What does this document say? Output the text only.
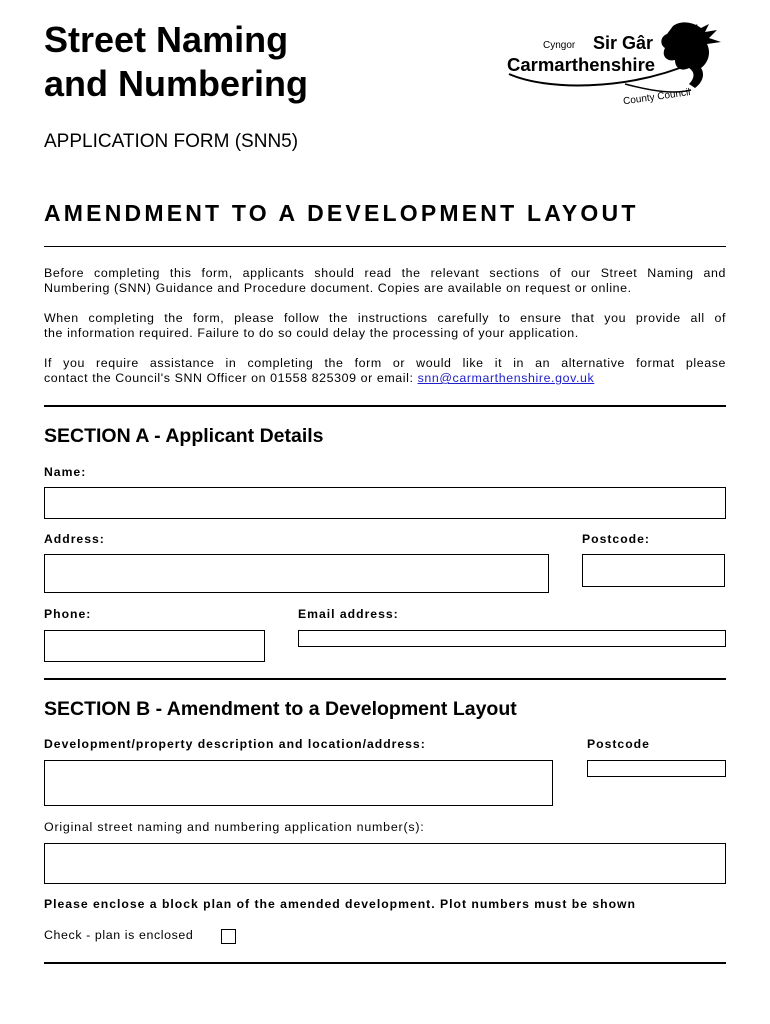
Street Naming
and Numbering
Cyngor Sir Gâr
Carmarthenshire
County Council
APPLICATION FORM (SNN5)
AMENDMENT TO A DEVELOPMENT LAYOUT
Before completing this form, applicants should read the relevant sections of our Street Naming and
Numbering (SNN) Guidance and Procedure document. Copies are available on request or online.
When completing the form, please follow the instructions carefully to ensure that you provide all of
the information required. Failure to do so could delay the processing of your application.
If you require assistance in completing the form or would like it in an alternative format please
contact the Council's SNN Officer on 01558 825309 or email: snn@carmarthenshire.gov.uk
SECTION A - Applicant Details
Name:
Address:	Postcode:
Phone:	Email address:
SECTION B - Amendment to a Development Layout
Development/property description and location/address:	Postcode
Original street naming and numbering application number(s):
Please enclose a block plan of the amended development. Plot numbers must be shown
Check - plan is enclosed
